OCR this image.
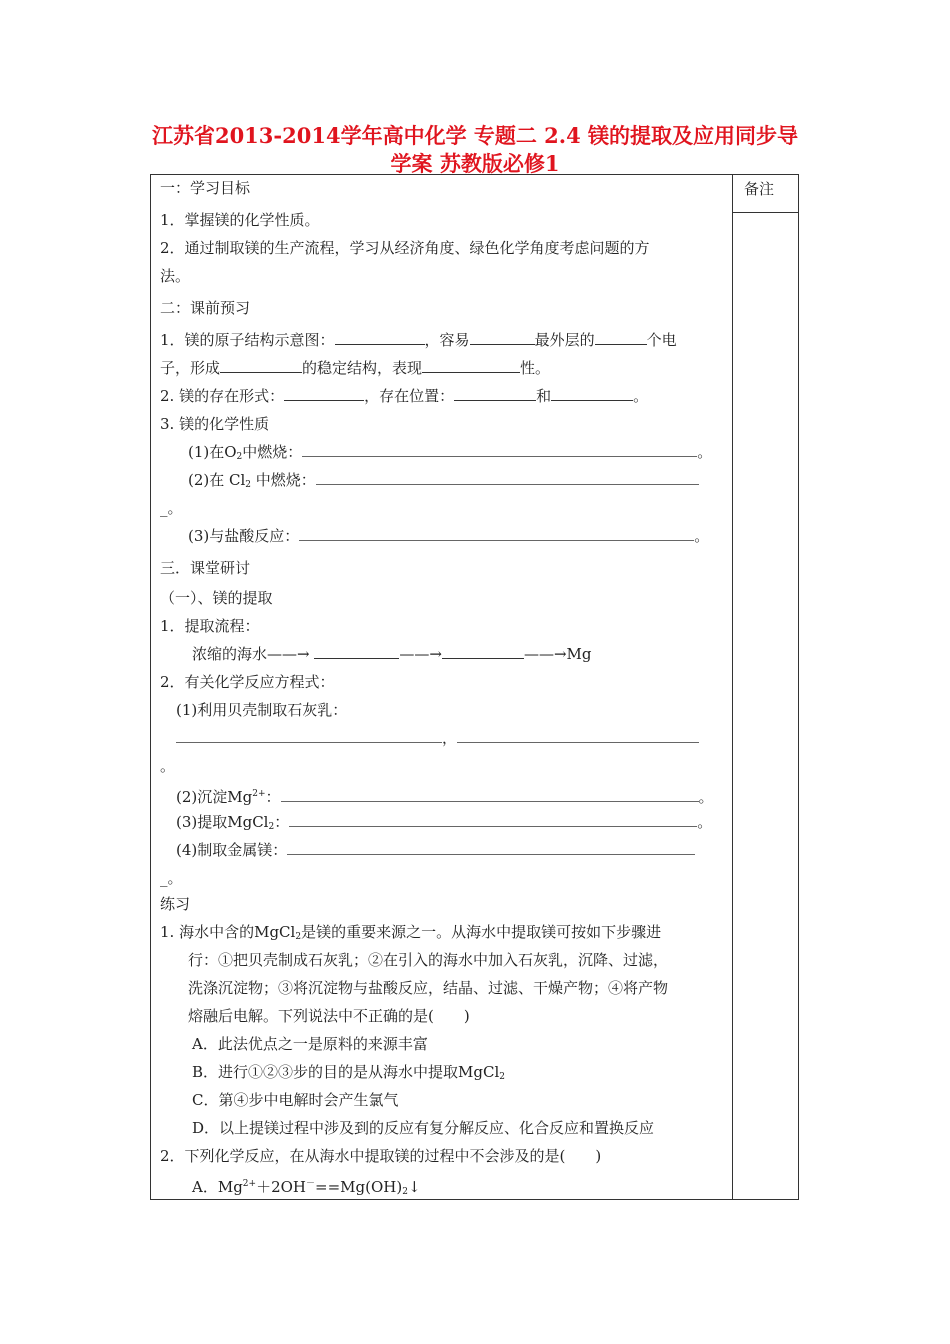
江苏省2013-2014学年高中化学 专题二 2.4 镁的提取及应用同步导
学案 苏教版必修1
备注
一：学习目标
1．掌握镁的化学性质。
2．通过制取镁的生产流程，学习从经济角度、绿色化学角度考虑问题的方
法。
二：课前预习
1．镁的原子结构示意图：	，容易	最外层的	个电
子，形成	的稳定结构，表现	性。
2. 镁的存在形式：	，存在位置：	和	。
3. 镁的化学性质
(1)在$O_2$中燃烧：	。
(2)在 $Cl_2$ 中燃烧：
_。
(3)与盐酸反应：	。
三．课堂研讨
（一）、镁的提取
1．提取流程：
浓缩的海水——→	——→	——→Mg
2．有关化学反应方程式：
(1)利用贝壳制取石灰乳：
，
。
(2)沉淀$Mg^{2+}$：	。
(3)提取MgCl$_2$：	。
(4)制取金属镁：
_。
练习
1. 海水中含的MgCl$_2$是镁的重要来源之一。从海水中提取镁可按如下步骤进
行：①把贝壳制成石灰乳；②在引入的海水中加入石灰乳，沉降、过滤，
洗涤沉淀物；③将沉淀物与盐酸反应，结晶、过滤、干燥产物；④将产物
熔融后电解。下列说法中不正确的是(　　)
A．此法优点之一是原料的来源丰富
B．进行①②③步的目的是从海水中提取MgCl$_2$
C．第④步中电解时会产生氯气
D．以上提镁过程中涉及到的反应有复分解反应、化合反应和置换反应
2．下列化学反应，在从海水中提取镁的过程中不会涉及的是(　　)
A．$Mg^{2+}+2OH^-==Mg(OH)_2↓$
